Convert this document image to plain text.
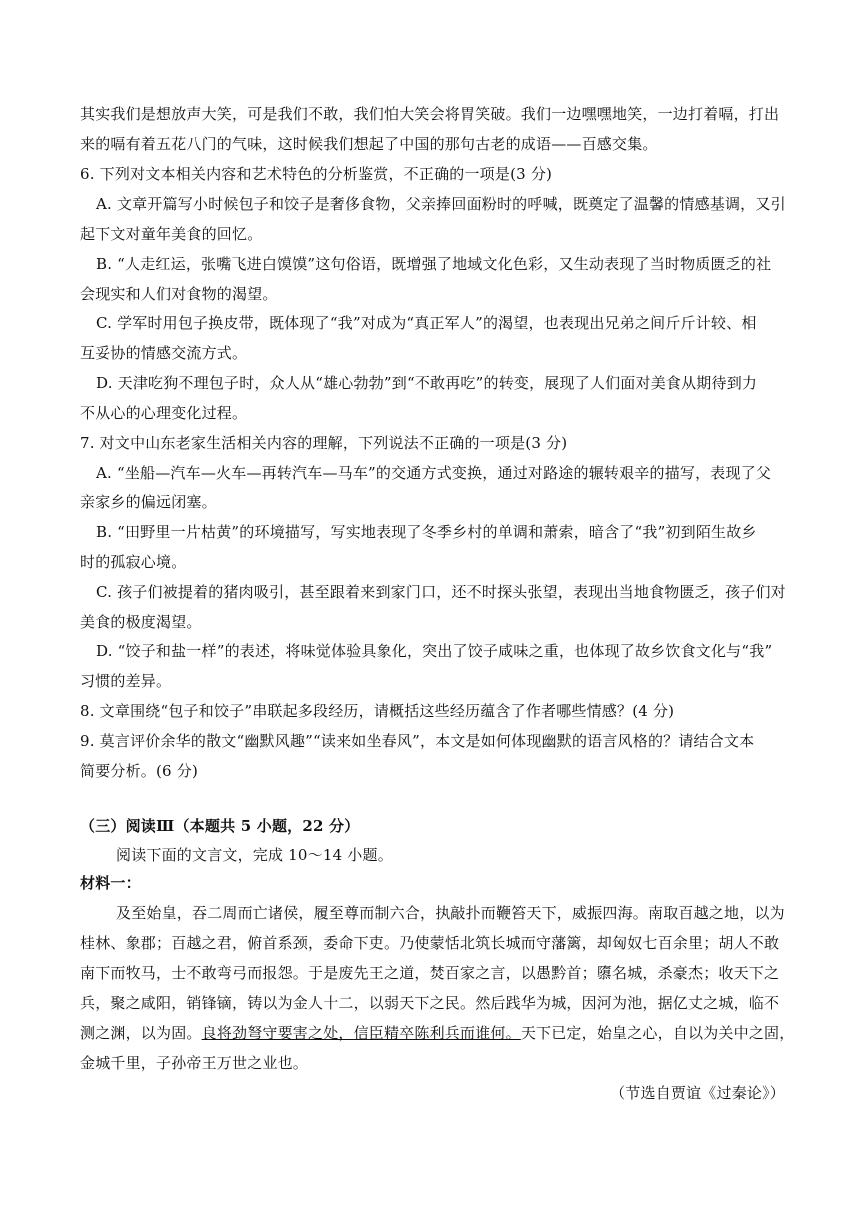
其实我们是想放声大笑，可是我们不敢，我们怕大笑会将胃笑破。我们一边嘿嘿地笑，一边打着嗝，打出
来的嗝有着五花八门的气味，这时候我们想起了中国的那句古老的成语——百感交集。
6. 下列对文本相关内容和艺术特色的分析鉴赏，不正确的一项是(3 分)
A. 文章开篇写小时候包子和饺子是奢侈食物，父亲捧回面粉时的呼喊，既奠定了温馨的情感基调，又引
起下文对童年美食的回忆。
B. “人走红运，张嘴飞进白馍馍”这句俗语，既增强了地域文化色彩，又生动表现了当时物质匮乏的社
会现实和人们对食物的渴望。
C. 学军时用包子换皮带，既体现了“我”对成为“真正军人”的渴望，也表现出兄弟之间斤斤计较、相
互妥协的情感交流方式。
D. 天津吃狗不理包子时，众人从“雄心勃勃”到“不敢再吃”的转变，展现了人们面对美食从期待到力
不从心的心理变化过程。
7. 对文中山东老家生活相关内容的理解，下列说法不正确的一项是(3 分)
A. “坐船—汽车—火车—再转汽车—马车”的交通方式变换，通过对路途的辗转艰辛的描写，表现了父
亲家乡的偏远闭塞。
B. “田野里一片枯黄”的环境描写，写实地表现了冬季乡村的单调和萧索，暗含了“我”初到陌生故乡
时的孤寂心境。
C. 孩子们被提着的猪肉吸引，甚至跟着来到家门口，还不时探头张望，表现出当地食物匮乏，孩子们对
美食的极度渴望。
D. “饺子和盐一样”的表述，将味觉体验具象化，突出了饺子咸味之重，也体现了故乡饮食文化与“我”
习惯的差异。
8. 文章围绕“包子和饺子”串联起多段经历，请概括这些经历蕴含了作者哪些情感？(4 分)
9. 莫言评价余华的散文“幽默风趣”“读来如坐春风”，本文是如何体现幽默的语言风格的？请结合文本
简要分析。(6 分)
（三）阅读Ⅲ（本题共 5 小题，22 分）
阅读下面的文言文，完成 10～14 小题。
材料一：
及至始皇，吞二周而亡诸侯，履至尊而制六合，执敲扑而鞭笞天下，威振四海。南取百越之地，以为
桂林、象郡；百越之君，俯首系颈，委命下吏。乃使蒙恬北筑长城而守藩篱，却匈奴七百余里；胡人不敢
南下而牧马，士不敢弯弓而报怨。于是废先王之道，焚百家之言，以愚黔首；隳名城，杀豪杰；收天下之
兵，聚之咸阳，销锋镝，铸以为金人十二，以弱天下之民。然后践华为城，因河为池，据亿丈之城，临不
测之渊，以为固。良将劲弩守要害之处，信臣精卒陈利兵而谁何。天下已定，始皇之心，自以为关中之固，
金城千里，子孙帝王万世之业也。
（节选自贾谊《过秦论》）
